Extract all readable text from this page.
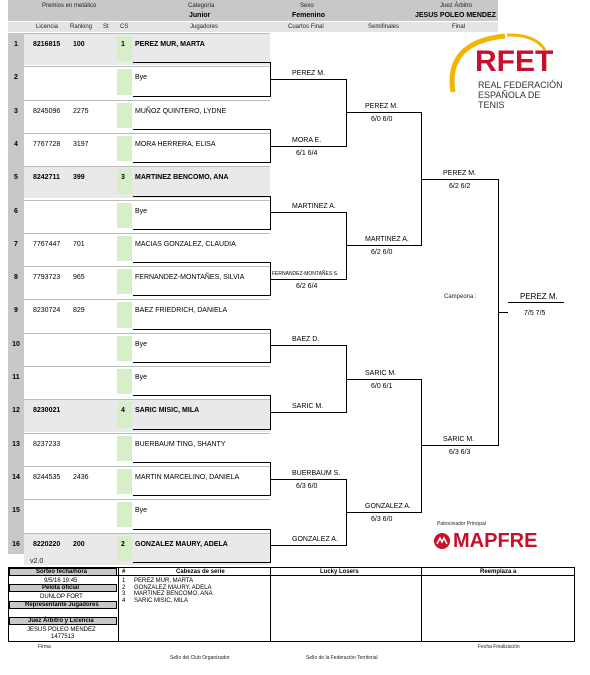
Premios en metálico	Categoría	Sexo	Juez Árbitro
Junior	Femenino	JESUS POLEO MENDEZ
Licencia Ranking St CS	Jugadores	Cuartos Final	Semifinales	Final
1	8216815 100	1 PEREZ MUR, MARTA
2	Bye
3	8245096 2275	MUÑOZ QUINTERO, LYDNE
4	7767728 3197	MORA HERRERA, ELISA
5	8242711 399	3 MARTINEZ BENCOMO, ANA
6	Bye
7	7767447 701	MACIAS GONZALEZ, CLAUDIA
8	7793723 965	FERNANDEZ-MONTAÑES, SILVIA
9	8230724 829	BAEZ FRIEDRICH, DANIELA
10	Bye
11	Bye
12	8230021	4 SARIC MISIC, MILA
13	8237233	BUERBAUM TING, SHANTY
14	8244535 2436	MARTIN MARCELINO, DANIELA
15	Bye
16	8220220 200	2 GONZALEZ MAURY, ADELA
PEREZ M.
MORA E.
6/1 6/4
MARTINEZ A.
FERNANDEZ-MONTAÑES S.
6/2 6/4
BAEZ D.
SARIC M.
BUERBAUM S.
6/3 6/0
GONZALEZ A.
PEREZ M.
6/0 6/0
MARTINEZ A.
6/2 6/0
SARIC M.
6/0 6/1
GONZALEZ A.
6/3 6/0
PEREZ M.
6/2 6/2
SARIC M.
6/3 6/3
RFET
REAL FEDERACIÓN
ESPAÑOLA DE TENIS
Campeona :	PEREZ M.
7/5 7/5
Patrocinador Principal
MAPFRE
v2.0
Sorteo fecha/hora
9/5/16 19:45
Pelota oficial
DUNLOP FORT
Representante Jugadores
Juez Árbitro y Licencia
JESUS POLEO MENDEZ
1477513
#	Cabezas de serie
1 PEREZ MUR, MARTA
2 GONZALEZ MAURY, ADELA
3 MARTINEZ BENCOMO, ANA
4 SARIC MISIC, MILA
Lucky Losers	Reemplaza a
Firma	Fecha Finalización
Sello del Club Organizador	Sello de la Federación Territorial
